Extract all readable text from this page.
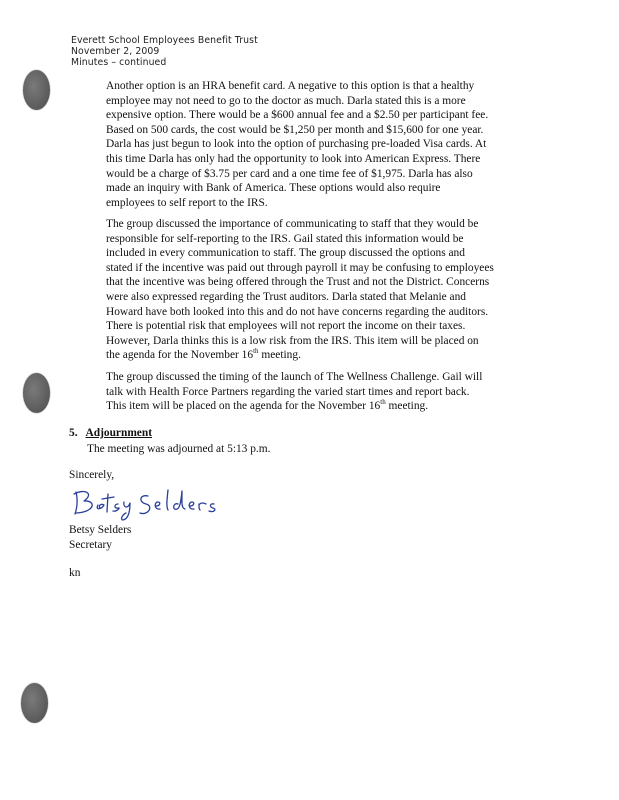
Everett School Employees Benefit Trust
November 2, 2009
Minutes – continued

Another option is an HRA benefit card. A negative to this option is that a healthy
employee may not need to go to the doctor as much. Darla stated this is a more
expensive option. There would be a $600 annual fee and a $2.50 per participant fee.
Based on 500 cards, the cost would be $1,250 per month and $15,600 for one year.
Darla has just begun to look into the option of purchasing pre-loaded Visa cards. At
this time Darla has only had the opportunity to look into American Express. There
would be a charge of $3.75 per card and a one time fee of $1,975. Darla has also
made an inquiry with Bank of America. These options would also require
employees to self report to the IRS.

The group discussed the importance of communicating to staff that they would be
responsible for self-reporting to the IRS. Gail stated this information would be
included in every communication to staff. The group discussed the options and
stated if the incentive was paid out through payroll it may be confusing to employees
that the incentive was being offered through the Trust and not the District. Concerns
were also expressed regarding the Trust auditors. Darla stated that Melanie and
Howard have both looked into this and do not have concerns regarding the auditors.
There is potential risk that employees will not report the income on their taxes.
However, Darla thinks this is a low risk from the IRS. This item will be placed on
the agenda for the November 16th meeting.

The group discussed the timing of the launch of The Wellness Challenge. Gail will
talk with Health Force Partners regarding the varied start times and report back.
This item will be placed on the agenda for the November 16th meeting.

5. Adjournment
The meeting was adjourned at 5:13 p.m.
Sincerely,
Betsy Selders
Betsy Selders
Secretary
kn
